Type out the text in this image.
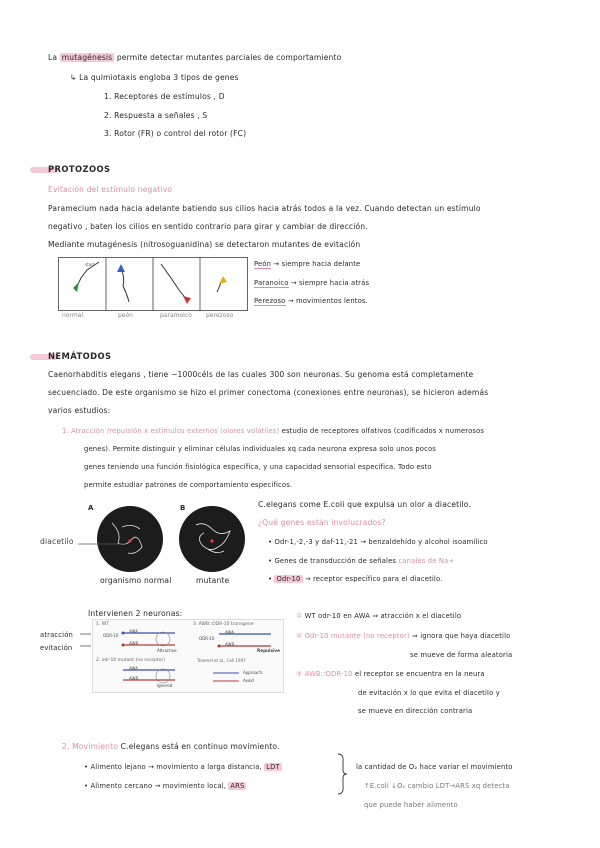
La mutagénesis permite detectar mutantes parciales de comportamiento
↳ La quimiotaxis engloba 3 tipos de genes
1. Receptores de estímulos , D
2. Respuesta a señales , S
3. Rotor (FR) o control del rotor (FC)
PROTOZOOS
Evitación del estímulo negativo
Paramecium nada hacia adelante batiendo sus cilios hacia atrás todos a la vez. Cuando detectan un estímulo
negativo , baten los cilios en sentido contrario para girar y cambiar de dirección.
Mediante mutagénesis (nitrosoguanidina) se detectaron mutantes de evitación
start
normal	peón	paramoico perezoso
Peón → siempre hacia delante
Paranoico → siempre hacia atrás
Perezoso → movimientos lentos.
NEMÁTODOS
Caenorhabditis elegans , tiene ~1000céls de las cuales 300 son neuronas. Su genoma está completamente
secuenciado. De este organismo se hizo el primer conectoma (conexiones entre neuronas), se hicieron además
varios estudios:
1. Atracción /repulsión x estímulos externos (olores volátiles) estudio de receptores olfativos (codificados x numerosos
genes). Permite distinguir y eliminar células individuales xq cada neurona expresa solo unos pocos
genes teniendo una función fisiológica específica, y una capacidad sensorial específica. Todo esto
permite estudiar patrones de comportamiento específicos.
A	B
diacetilo
organismo normal	mutante
C.elegans come E.coli que expulsa un olor a diacetilo.
¿Qué genes están involucrados?
• Odr-1,-2,-3 y daf-11,-21 → benzaldehído y alcohol isoamílico
• Genes de transducción de señales canales de Na+
• Odr-10 → receptor específico para el diacetilo.
Intervienen 2 neuronas:
atracción
evitación
1. WT
2. odr-10 mutant (no receptor)
3. AWB::ODR-10 transgene
AWA
ODR-10
AWB
Attractive
AWA
AWB
Ignored
AWA
ODR-10
AWB
Repulsive
Troemel et al., Cell 1997
Approach
Avoid
① WT odr-10 en AWA ⇒ atracción x el diacetilo
② Odr-10 mutante (no receptor) ⇒ ignora que haya diacetilo
se mueve de forma aleatoria
③ AWB::ODR-10 el receptor se encuentra en la neura
de evitación x lo que evita el diacetilo y
se mueve en dirección contraria
2. Movimiento C.elegans está en continuo movimiento.
• Alimento lejano → movimiento a larga distancia, LDT
• Alimento cercano → movimiento local, ARS
la cantidad de O₂ hace variar el movimiento
↑E.coli ↓O₂ cambio LDT→ARS xq detecta
que puede haber alimento
